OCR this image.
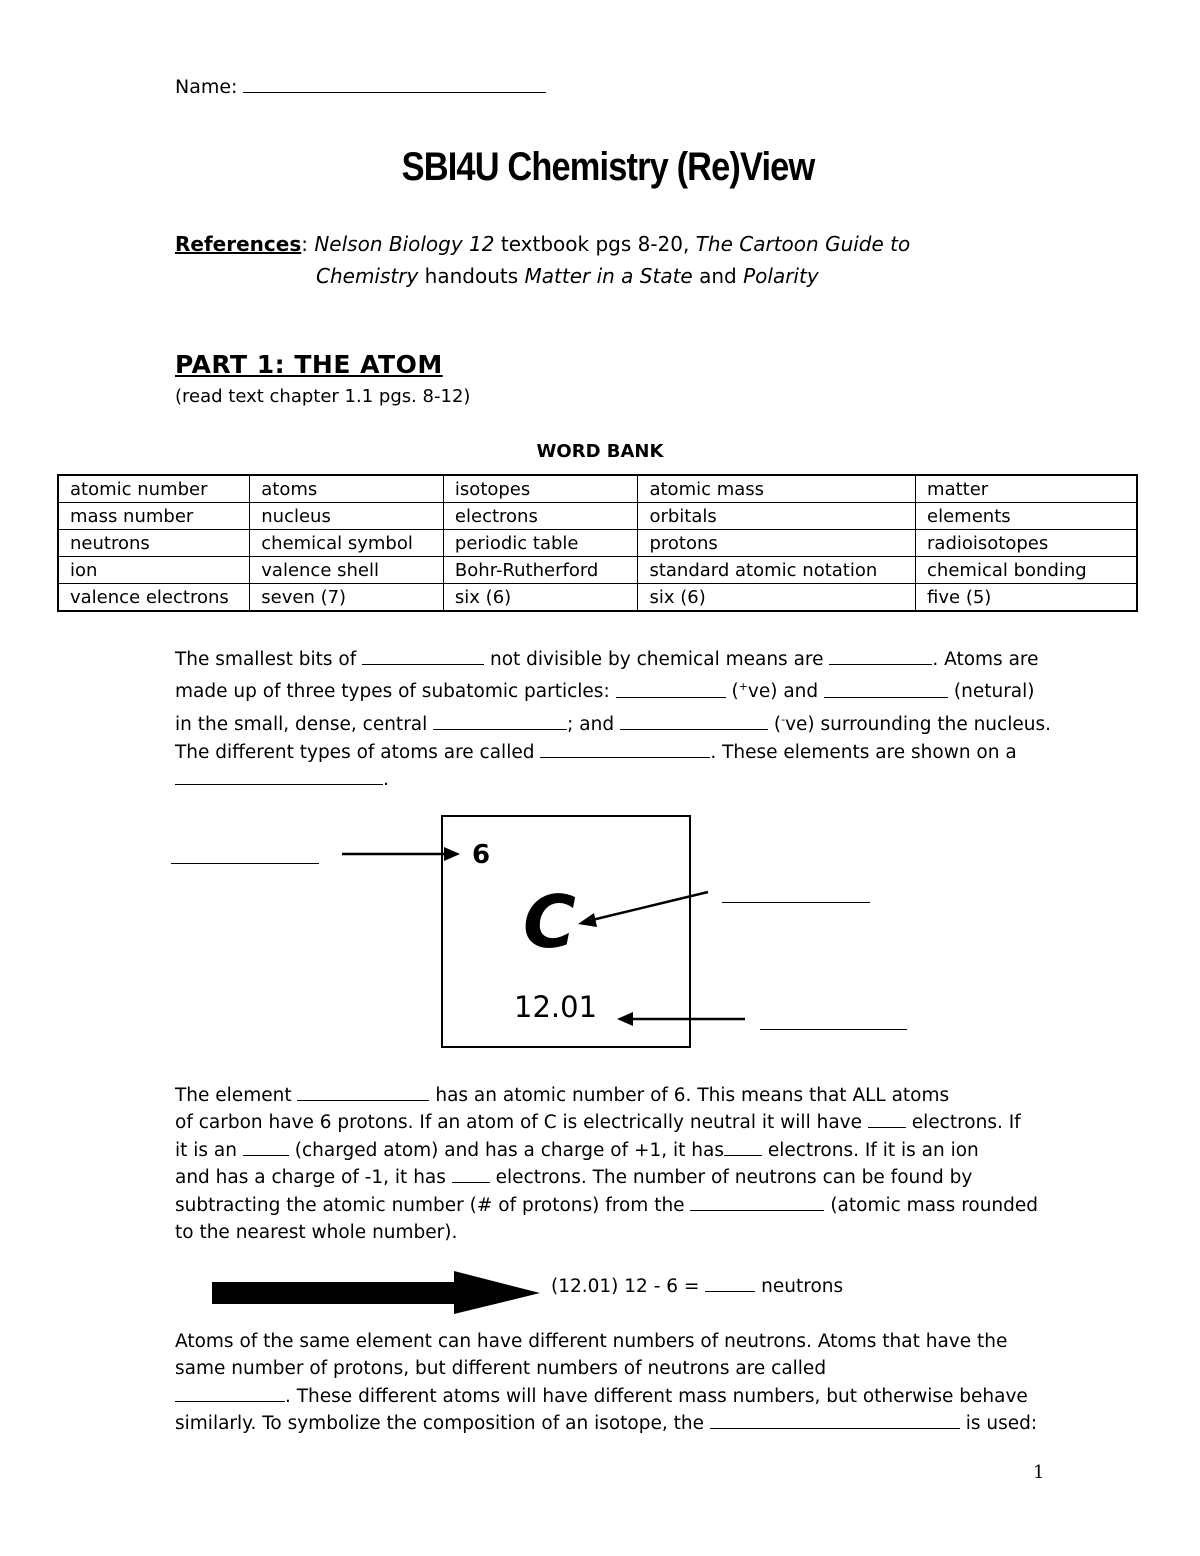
Name:
SBI4U Chemistry (Re)View
References: Nelson Biology 12 textbook pgs 8-20, The Cartoon Guide to
Chemistry handouts Matter in a State and Polarity
PART 1: THE ATOM
(read text chapter 1.1 pgs. 8-12)
WORD BANK
atomic number	atoms	isotopes	atomic mass	matter
mass number	nucleus	electrons	orbitals	elements
neutrons	chemical symbol	periodic table	protons	radioisotopes
ion	valence shell	Bohr-Rutherford	standard atomic notation	chemical bonding
valence electrons	seven (7)	six (6)	six (6)	five (5)
The smallest bits of	not divisible by chemical means are	. Atoms are
made up of three types of subatomic particles:	(+ve) and	(netural)
in the small, dense, central	; and	(-ve) surrounding the nucleus.
The different types of atoms are called	. These elements are shown on a
.
6
C
12.01
The element	has an atomic number of 6. This means that ALL atoms
of carbon have 6 protons. If an atom of C is electrically neutral it will have  electrons. If
it is an  (charged atom) and has a charge of +1, it has electrons. If it is an ion
and has a charge of -1, it has  electrons. The number of neutrons can be found by
subtracting the atomic number (# of protons) from the	(atomic mass rounded
to the nearest whole number).
(12.01) 12 - 6 =	neutrons
Atoms of the same element can have different numbers of neutrons. Atoms that have the
same number of protons, but different numbers of neutrons are called
. These different atoms will have different mass numbers, but otherwise behave
similarly. To symbolize the composition of an isotope, the	is used:
1
